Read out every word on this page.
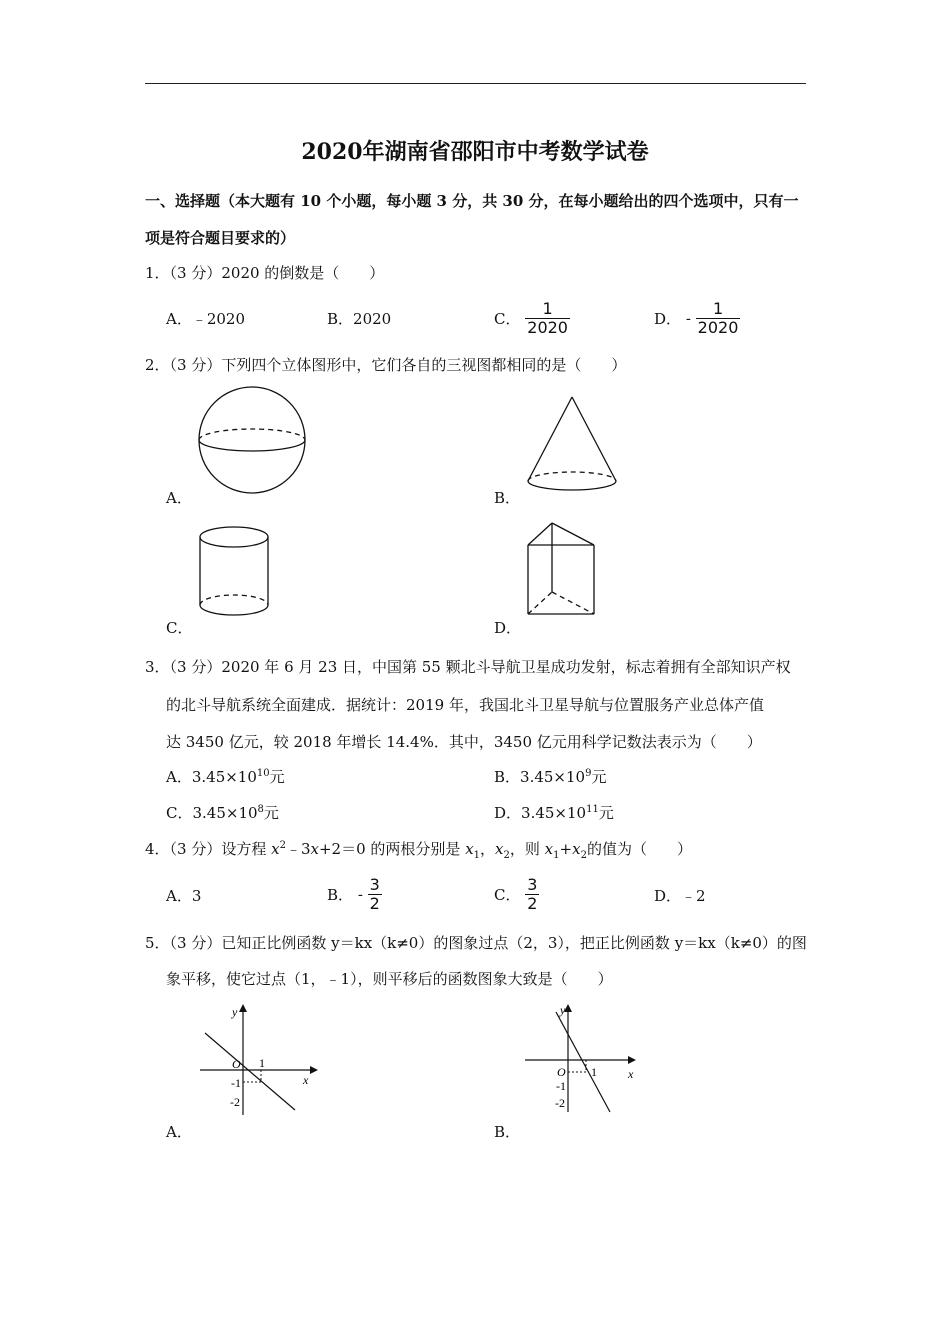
2020年湖南省邵阳市中考数学试卷
一、选择题（本大题有 10 个小题，每小题 3 分，共 30 分，在每小题给出的四个选项中，只有一
项是符合题目要求的）
1．（3 分）2020 的倒数是（　　）
A．﹣2020	B．2020	C． $\frac{1}{2020}$	D． - $\frac{1}{2020}$
2．（3 分）下列四个立体图形中，它们各自的三视图都相同的是（　　）
A．	B．
C．	D．
3．（3 分）2020 年 6 月 23 日，中国第 55 颗北斗导航卫星成功发射，标志着拥有全部知识产权
的北斗导航系统全面建成．据统计：2019 年，我国北斗卫星导航与位置服务产业总体产值
达 3450 亿元，较 2018 年增长 14.4%．其中，3450 亿元用科学记数法表示为（　　）
A．$3.45\times 10^{10}$元	B．$3.45\times 10^9$元
C．$3.45\times 10^8$元	D．$3.45\times 10^{11}$元
4．（3 分）设方程 $x^2﹣3x+2=0$ 的两根分别是 $x_1$，$x_2$，则 $x_1+x_2$的值为（　　）
A．3	B． - $\frac{3}{2}$	C． $\frac{3}{2}$	D．﹣2
5．（3 分）已知正比例函数 y＝kx（k≠0）的图象过点（2，3），把正比例函数 y＝kx（k≠0）的图
象平移，使它过点（1，﹣1），则平移后的函数图象大致是（　　）
y
x
O 1
-1
-2
A．
y
x
O 1
-1
-2
B．
